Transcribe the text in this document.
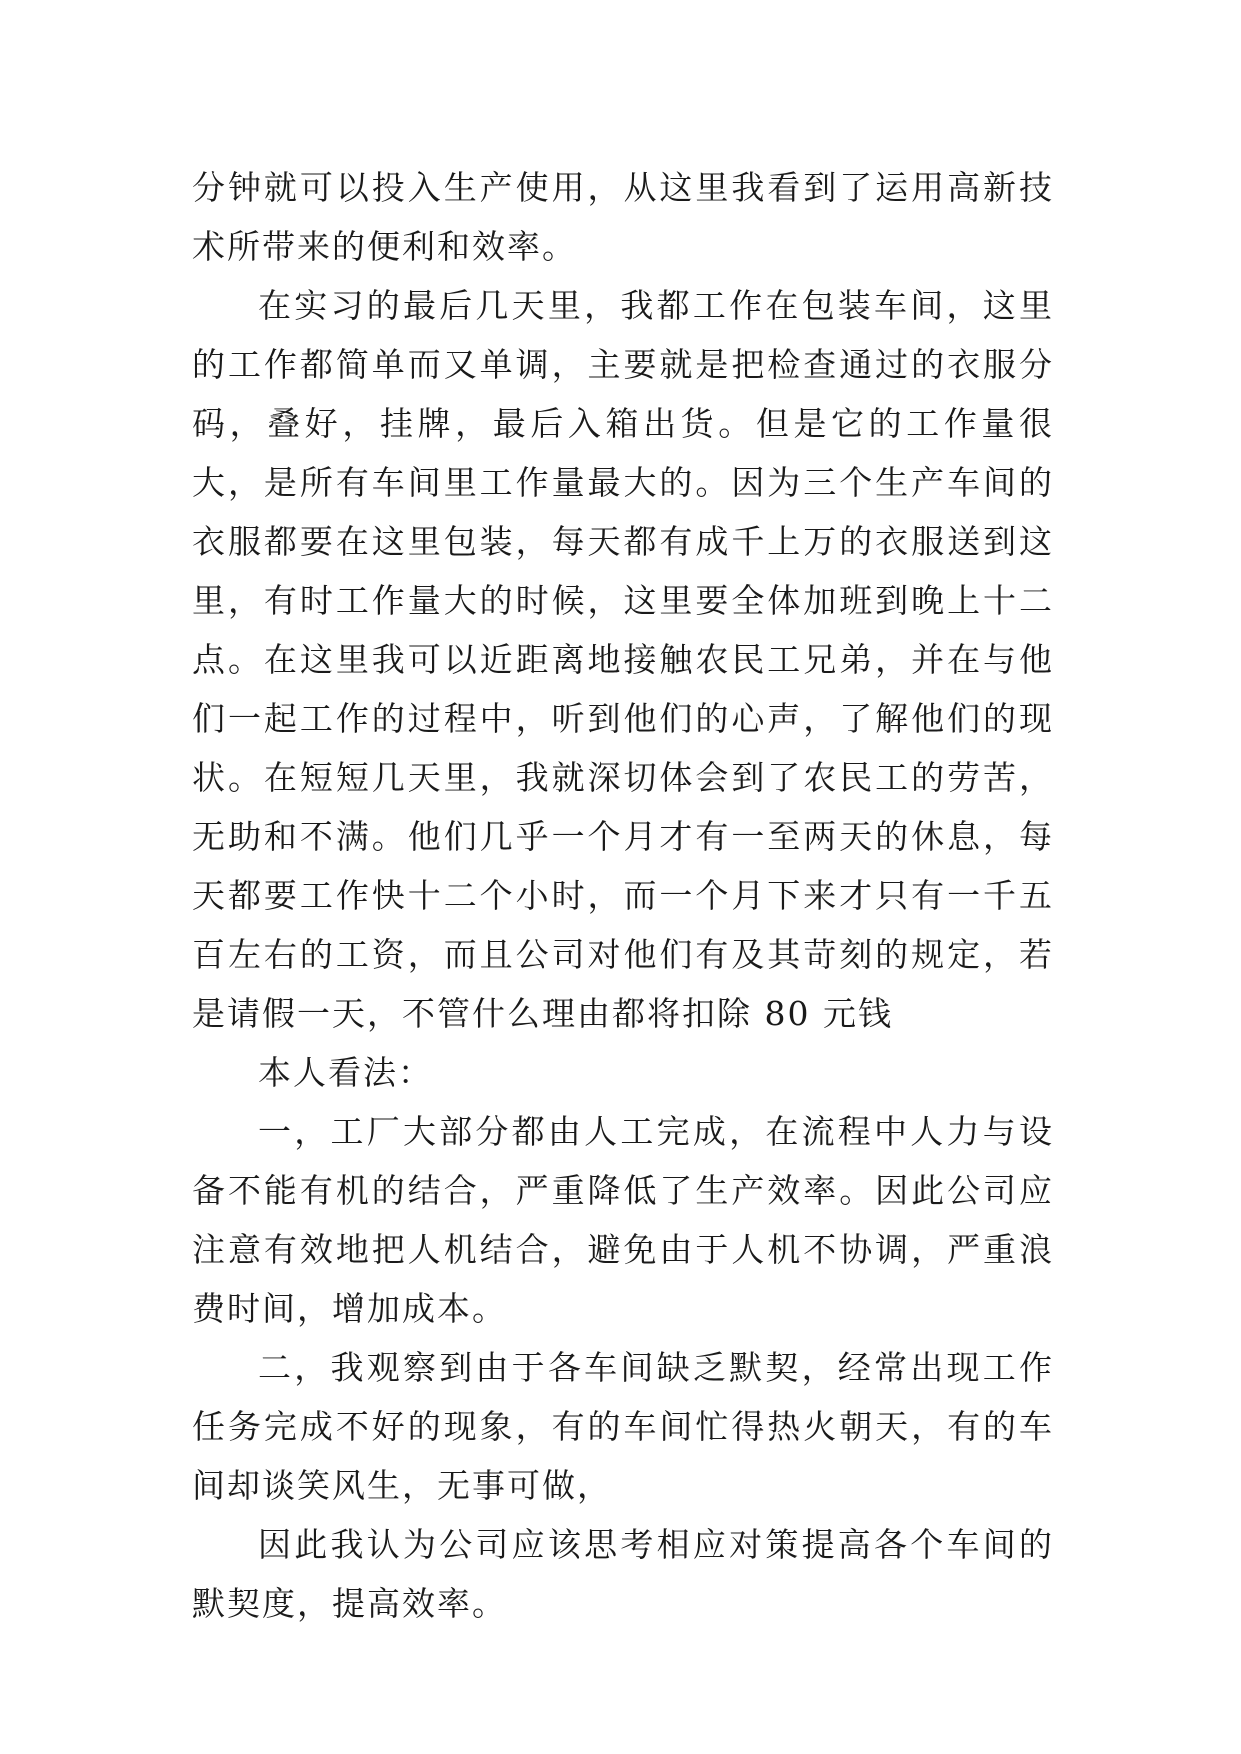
分钟就可以投入生产使用，从这里我看到了运用高新技术所带来的便利和效率。

在实习的最后几天里，我都工作在包装车间，这里的工作都简单而又单调，主要就是把检查通过的衣服分码，叠好，挂牌，最后入箱出货。但是它的工作量很大，是所有车间里工作量最大的。因为三个生产车间的衣服都要在这里包装，每天都有成千上万的衣服送到这里，有时工作量大的时候，这里要全体加班到晚上十二点。在这里我可以近距离地接触农民工兄弟，并在与他们一起工作的过程中，听到他们的心声，了解他们的现状。在短短几天里，我就深切体会到了农民工的劳苦，无助和不满。他们几乎一个月才有一至两天的休息，每天都要工作快十二个小时，而一个月下来才只有一千五百左右的工资，而且公司对他们有及其苛刻的规定，若是请假一天，不管什么理由都将扣除 80 元钱

本人看法：

一，工厂大部分都由人工完成，在流程中人力与设备不能有机的结合，严重降低了生产效率。因此公司应注意有效地把人机结合，避免由于人机不协调，严重浪费时间，增加成本。

二，我观察到由于各车间缺乏默契，经常出现工作任务完成不好的现象，有的车间忙得热火朝天，有的车间却谈笑风生，无事可做，

因此我认为公司应该思考相应对策提高各个车间的默契度，提高效率。
